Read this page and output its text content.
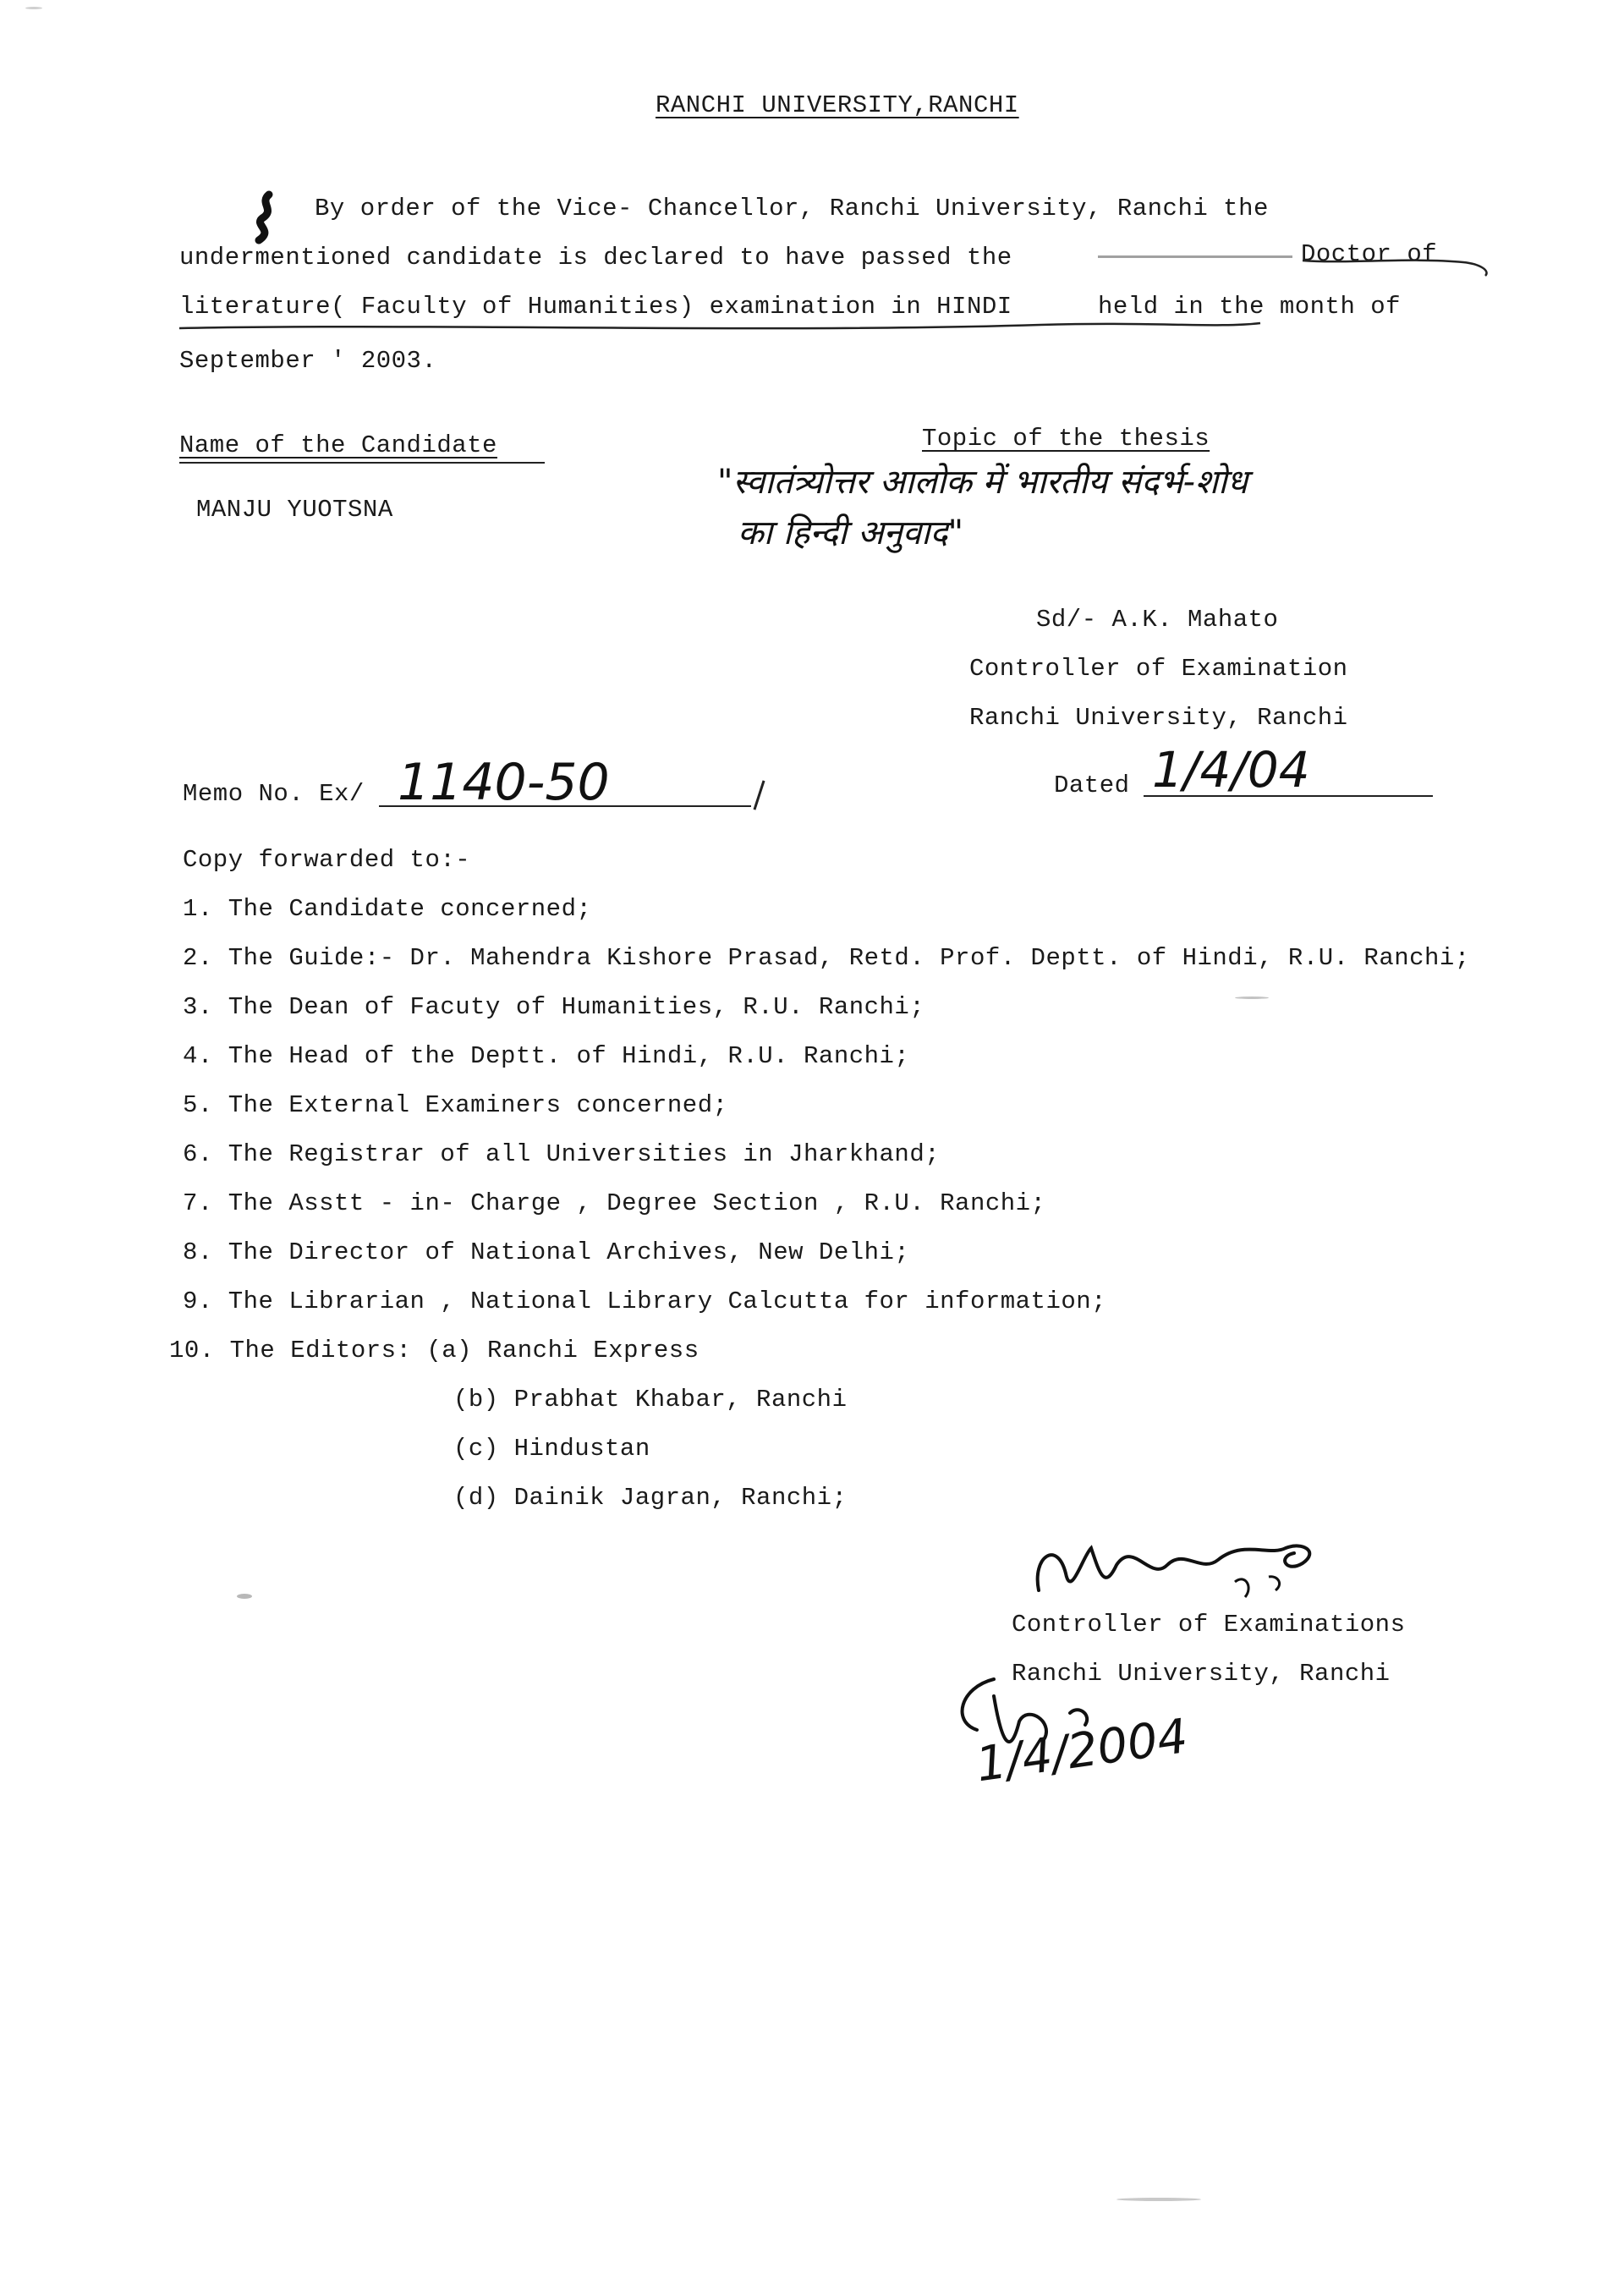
RANCHI UNIVERSITY,RANCHI
By order of the Vice- Chancellor, Ranchi University, Ranchi the
undermentioned candidate is declared to have passed the	Doctor of
literature( Faculty of Humanities) examination in HINDI	held in the month of
September ' 2003.
Name of the Candidate
MANJU YUOTSNA
Topic of the thesis
"स्वातंत्र्योत्तर आलोक में भारतीय संदर्भ-शोध
का हिन्दी अनुवाद"
Sd/- A.K. Mahato
Controller of Examination
Ranchi University, Ranchi
Memo No. Ex/ 1140-50	Dated 1/4/04
Copy forwarded to:-
1. The Candidate concerned;
2. The Guide:- Dr. Mahendra Kishore Prasad, Retd. Prof. Deptt. of Hindi, R.U. Ranchi;
3. The Dean of Facuty of Humanities, R.U. Ranchi;
4. The Head of the Deptt. of Hindi, R.U. Ranchi;
5. The External Examiners concerned;
6. The Registrar of all Universities in Jharkhand;
7. The Asstt - in- Charge , Degree Section , R.U. Ranchi;
8. The Director of National Archives, New Delhi;
9. The Librarian , National Library Calcutta for information;
10. The Editors: (a) Ranchi Express
(b) Prabhat Khabar, Ranchi
(c) Hindustan
(d) Dainik Jagran, Ranchi;
Controller of Examinations
Ranchi University, Ranchi
1/4/2004
